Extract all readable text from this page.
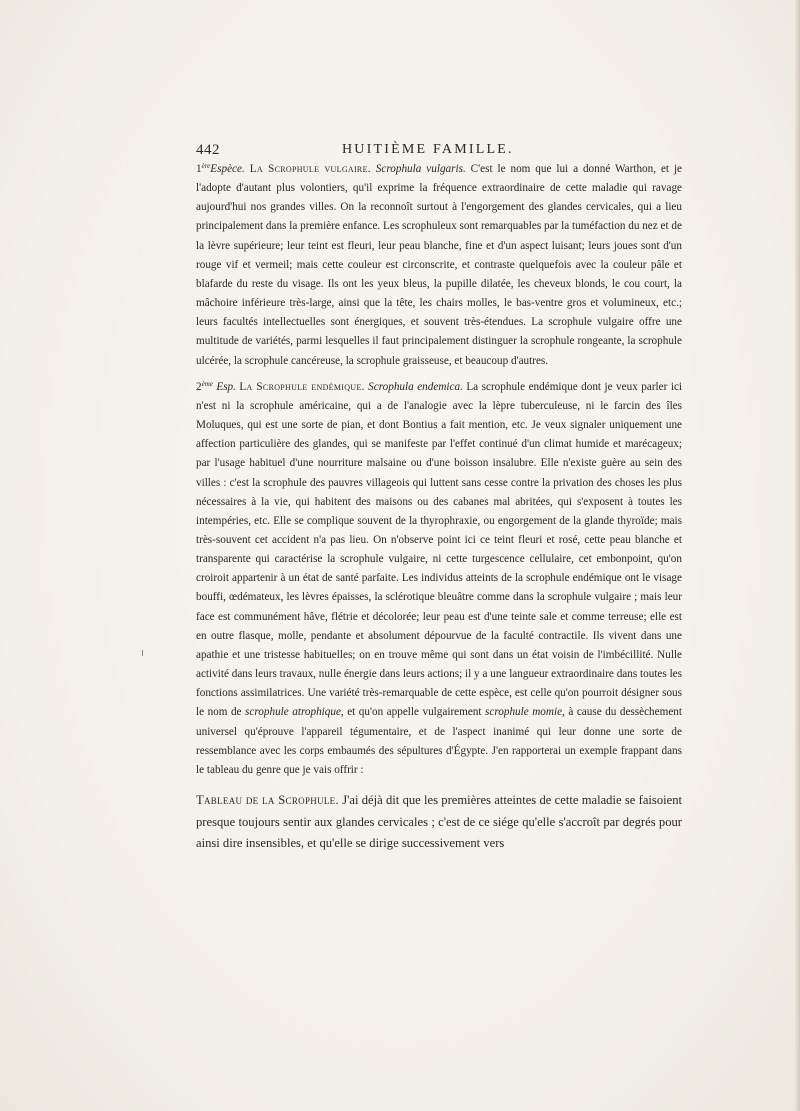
442	HUITIÈME FAMILLE.

1èreEspèce. La Scrophule vulgaire. Scrophula vulgaris. C'est le nom que lui a donné Warthon, et je l'adopte d'autant plus volontiers, qu'il exprime la fréquence extraordinaire de cette maladie qui ravage aujourd'hui nos grandes villes. On la reconnoît surtout à l'engorgement des glandes cervicales, qui a lieu principalement dans la première enfance. Les scrophuleux sont remarquables par la tuméfaction du nez et de la lèvre supérieure; leur teint est fleuri, leur peau blanche, fine et d'un aspect luisant; leurs joues sont d'un rouge vif et vermeil; mais cette couleur est circonscrite, et contraste quelquefois avec la couleur pâle et blafarde du reste du visage. Ils ont les yeux bleus, la pupille dilatée, les cheveux blonds, le cou court, la mâchoire inférieure très-large, ainsi que la tête, les chairs molles, le bas-ventre gros et volumineux, etc.; leurs facultés intellectuelles sont énergiques, et souvent très-étendues. La scrophule vulgaire offre une multitude de variétés, parmi lesquelles il faut principalement distinguer la scrophule rongeante, la scrophule ulcérée, la scrophule cancéreuse, la scrophule graisseuse, et beaucoup d'autres.

2ème Esp. La Scrophule endémique. Scrophula endemica. La scrophule endémique dont je veux parler ici n'est ni la scrophule américaine, qui a de l'analogie avec la lèpre tuberculeuse, ni le farcin des îles Moluques, qui est une sorte de pian, et dont Bontius a fait mention, etc. Je veux signaler uniquement une affection particulière des glandes, qui se manifeste par l'effet continué d'un climat humide et marécageux; par l'usage habituel d'une nourriture malsaine ou d'une boisson insalubre. Elle n'existe guère au sein des villes : c'est la scrophule des pauvres villageois qui luttent sans cesse contre la privation des choses les plus nécessaires à la vie, qui habitent des maisons ou des cabanes mal abritées, qui s'exposent à toutes les intempéries, etc. Elle se complique souvent de la thyrophraxie, ou engorgement de la glande thyroïde; mais très-souvent cet accident n'a pas lieu. On n'observe point ici ce teint fleuri et rosé, cette peau blanche et transparente qui caractérise la scrophule vulgaire, ni cette turgescence cellulaire, cet embonpoint, qu'on croiroit appartenir à un état de santé parfaite. Les individus atteints de la scrophule endémique ont le visage bouffi, œdémateux, les lèvres épaisses, la sclérotique bleuâtre comme dans la scrophule vulgaire ; mais leur face est communément hâve, flétrie et décolorée; leur peau est d'une teinte sale et comme terreuse; elle est en outre flasque, molle, pendante et absolument dépourvue de la faculté contractile. Ils vivent dans une apathie et une tristesse habituelles; on en trouve même qui sont dans un état voisin de l'imbécillité. Nulle activité dans leurs travaux, nulle énergie dans leurs actions; il y a une langueur extraordinaire dans toutes les fonctions assimilatrices. Une variété très-remarquable de cette espèce, est celle qu'on pourroit désigner sous le nom de scrophule atrophique, et qu'on appelle vulgairement scrophule momie, à cause du dessèchement universel qu'éprouve l'appareil tégumentaire, et de l'aspect inanimé qui leur donne une sorte de ressemblance avec les corps embaumés des sépultures d'Égypte. J'en rapporterai un exemple frappant dans le tableau du genre que je vais offrir :

Tableau de la Scrophule. J'ai déjà dit que les premières atteintes de cette maladie se faisoient presque toujours sentir aux glandes cervicales ; c'est de ce siége qu'elle s'accroît par degrés pour ainsi dire insensibles, et qu'elle se dirige successivement vers
